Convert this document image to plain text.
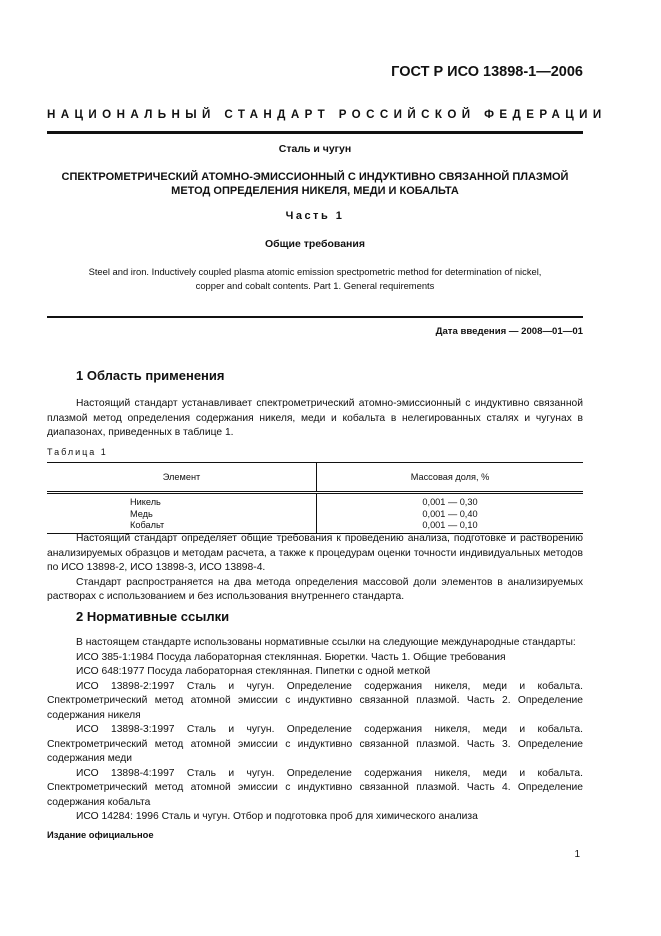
ГОСТ Р ИСО 13898-1—2006
НАЦИОНАЛЬНЫЙ СТАНДАРТ РОССИЙСКОЙ ФЕДЕРАЦИИ
Сталь и чугун
СПЕКТРОМЕТРИЧЕСКИЙ АТОМНО-ЭМИССИОННЫЙ С ИНДУКТИВНО СВЯЗАННОЙ ПЛАЗМОЙ
МЕТОД ОПРЕДЕЛЕНИЯ НИКЕЛЯ, МЕДИ И КОБАЛЬТА
Часть 1
Общие требования
Steel and iron. Inductively coupled plasma atomic emission spectpometric method for determination of nickel,
copper and cobalt contents. Part 1. General requirements
Дата введения — 2008—01—01
1 Область применения

Настоящий стандарт устанавливает спектрометрический атомно-эмиссионный с индуктивно связанной плазмой метод определения содержания никеля, меди и кобальта в нелегированных сталях и чугунах в диапазонах, приведенных в таблице 1.

Таблица 1
Элемент	Массовая доля, %
Никель	0,001 — 0,30
Медь	0,001 — 0,40
Кобальт	0,001 — 0,10

Настоящий стандарт определяет общие требования к проведению анализа, подготовке и растворению анализируемых образцов и методам расчета, а также к процедурам оценки точности индивидуальных методов по ИСО 13898-2, ИСО 13898-3, ИСО 13898-4.

Стандарт распространяется на два метода определения массовой доли элементов в анализируемых растворах с использованием и без использования внутреннего стандарта.

2 Нормативные ссылки

В настоящем стандарте использованы нормативные ссылки на следующие международные стандарты:

ИСО 385-1:1984 Посуда лабораторная стеклянная. Бюретки. Часть 1. Общие требования

ИСО 648:1977 Посуда лабораторная стеклянная. Пипетки с одной меткой

ИСО 13898-2:1997 Сталь и чугун. Определение содержания никеля, меди и кобальта. Спектрометрический метод атомной эмиссии с индуктивно связанной плазмой. Часть 2. Определение содержания никеля

ИСО 13898-3:1997 Сталь и чугун. Определение содержания никеля, меди и кобальта. Спектрометрический метод атомной эмиссии с индуктивно связанной плазмой. Часть 3. Определение содержания меди

ИСО 13898-4:1997 Сталь и чугун. Определение содержания никеля, меди и кобальта. Спектрометрический метод атомной эмиссии с индуктивно связанной плазмой. Часть 4. Определение содержания кобальта

ИСО 14284: 1996 Сталь и чугун. Отбор и подготовка проб для химического анализа

Издание официальное
1
